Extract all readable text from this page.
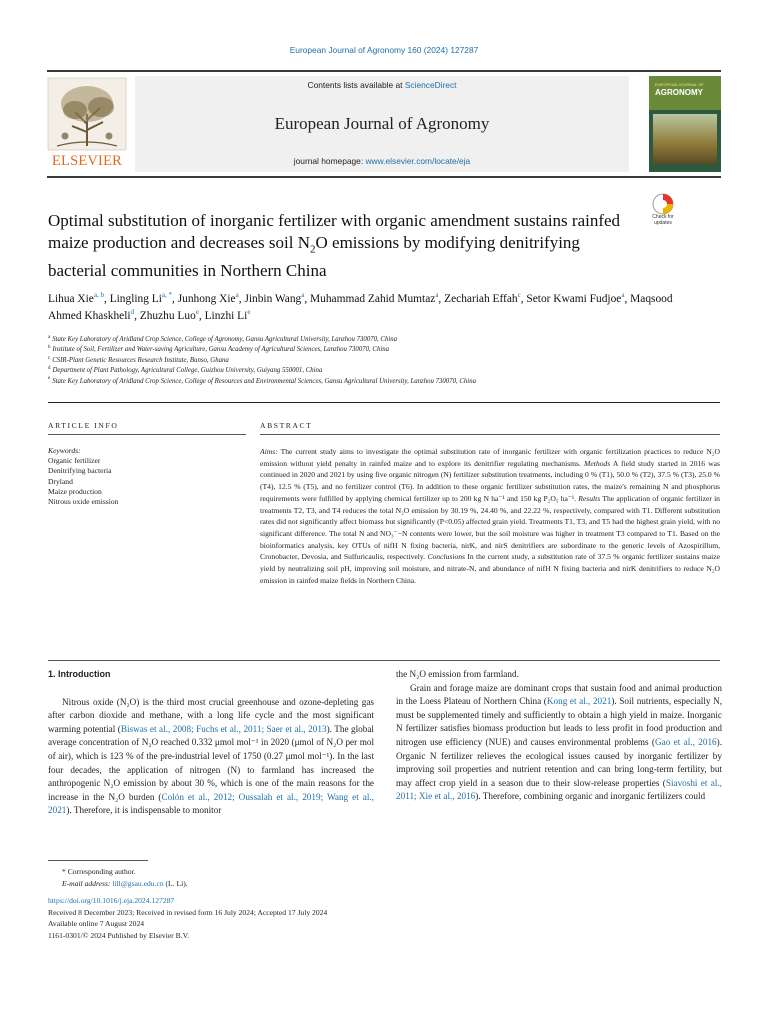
European Journal of Agronomy 160 (2024) 127287
ELSEVIER
Contents lists available at ScienceDirect
European Journal of Agronomy
journal homepage: www.elsevier.com/locate/eja
EUROPEAN JOURNAL OF
AGRONOMY
Check for
updates
Optimal substitution of inorganic fertilizer with organic amendment sustains rainfed maize production and decreases soil $N_2O$ emissions by modifying denitrifying bacterial communities in Northern China
Lihua Xie$^{a, b}$, Lingling Li$^{a, *}$, Junhong Xie$^a$, Jinbin Wang$^a$, Muhammad Zahid Mumtaz$^a$, Zechariah Effah$^c$, Setor Kwami Fudjoe$^a$, Maqsood Ahmed Khaskheli$^d$, Zhuzhu Luo$^e$, Linzhi Li$^e$
$^a$ State Key Laboratory of Aridland Crop Science, College of Agronomy, Gansu Agricultural University, Lanzhou 730070, China
$^b$ Institute of Soil, Fertilizer and Water-saving Agriculture, Gansu Academy of Agricultural Sciences, Lanzhou 730070, China
$^c$ CSIR-Plant Genetic Resources Research Institute, Bunso, Ghana
$^d$ Department of Plant Pathology, Agricultural College, Guizhou University, Guiyang 550001, China
$^e$ State Key Laboratory of Aridland Crop Science, College of Resources and Environmental Sciences, Gansu Agricultural University, Lanzhou 730070, China
ARTICLE INFO	ABSTRACT
Keywords:
Organic fertilizer
Denitrifying bacteria
Dryland
Maize production
Nitrous oxide emission

Aims: The current study aims to investigate the optimal substitution rate of inorganic fertilizer with organic fertilization practices to reduce N₂O emission without yield penalty in rainfed maize and to explore its denitrifier regulating mechanisms. Methods A field study started in 2016 was continued in 2020 and 2021 by using five organic nitrogen (N) fertilizer substitution treatments, including 0 % (T1), 50.0 % (T2), 37.5 % (T3), 25.0 % (T4), 12.5 % (T5), and no fertilizer control (T6). In addition to these organic fertilizer substitution rates, the maize's remaining N and phosphorus requirements were fulfilled by applying chemical fertilizer up to 200 kg N ha⁻¹ and 150 kg P₂O₅ ha⁻¹. Results The application of organic fertilizer in treatments T2, T3, and T4 reduces the total N₂O emission by 30.19 %, 24.40 %, and 22.22 %, respectively, compared with T1. Different substitution rates did not significantly affect biomass but significantly (P<0.05) affected grain yield. Treatments T1, T3, and T5 had the highest grain yield, with no significant difference. The total N and NO₃⁻−N contents were lower, but the soil moisture was higher in treatment T3 compared to T1. Based on the bioinformatics analysis, key OTUs of nifH N fixing bacteria, nirK, and nirS denitrifiers are subordinate to the generic levels of Azospirillum, Cronobacter, Devosia, and Sulfuricaulis, respectively. Conclusions In the current study, a substitution rate of 37.5 % organic fertilizer sustains maize yield by neutralizing soil pH, improving soil moisture, and nitrate-N, and abundance of nifH N fixing bacteria and nirK denitrifiers to reduce N₂O emission in rainfed maize fields in Northern China.

1. Introduction

Nitrous oxide (N₂O) is the third most crucial greenhouse and ozone-depleting gas after carbon dioxide and methane, with a long life cycle and the most significant warming potential (Biswas et al., 2008; Fuchs et al., 2011; Saer et al., 2013). The global average concentration of N₂O reached 0.332 μmol mol⁻¹ in 2020 (μmol of N₂O per mol of air), which is 123 % of the pre-industrial level of 1750 (0.27 μmol mol⁻¹). In the last four decades, the application of nitrogen (N) to farmland has increased the anthropogenic N₂O emission by about 30 %, which is one of the main reasons for the increase in the N₂O burden (Colón et al., 2012; Oussalah et al., 2019; Wang et al., 2021). Therefore, it is indispensable to monitor

the N₂O emission from farmland.

Grain and forage maize are dominant crops that sustain food and animal production in the Loess Plateau of Northern China (Kong et al., 2021). Soil nutrients, especially N, must be supplemented timely and sufficiently to obtain a high yield in maize. Inorganic N fertilizer satisfies biomass production but leads to less profit in food production and nitrogen use efficiency (NUE) and causes environmental problems (Gao et al., 2016). Organic N fertilizer relieves the ecological issues caused by inorganic fertilizer by improving soil properties and nutrient retention and can bring long-term fertility, but may affect crop yield in a season due to their slow-release properties (Siavoshi et al., 2011; Xie et al., 2016). Therefore, combining organic and inorganic fertilizers could

* Corresponding author.
E-mail address: lill@gsau.edu.cn (L. Li).
https://doi.org/10.1016/j.eja.2024.127287
Received 8 December 2023; Received in revised form 16 July 2024; Accepted 17 July 2024
Available online 7 August 2024
1161-0301/© 2024 Published by Elsevier B.V.
